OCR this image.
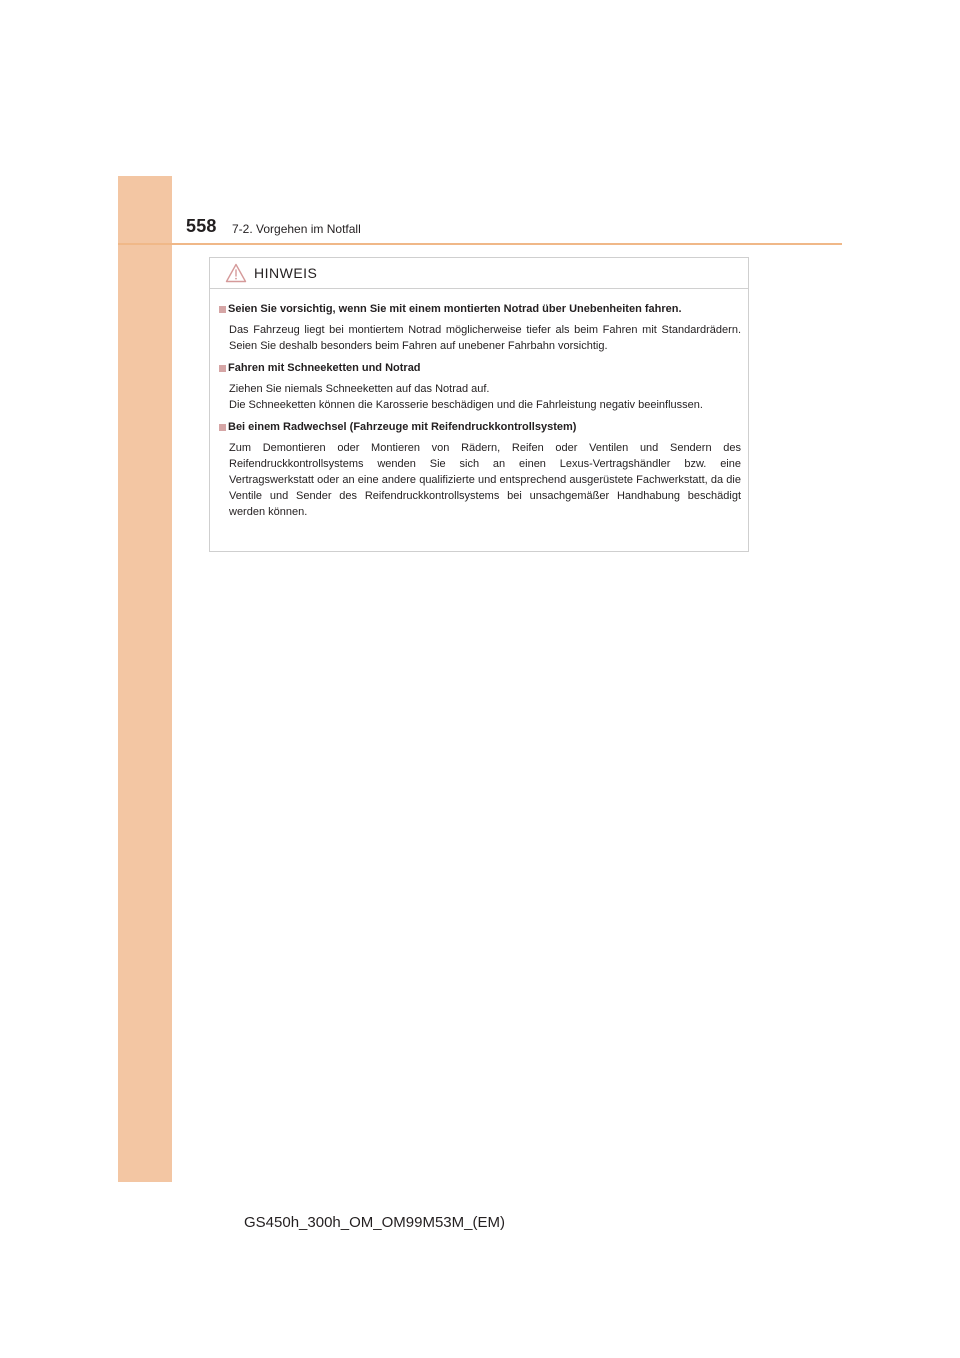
558 7-2. Vorgehen im Notfall
HINWEIS
Seien Sie vorsichtig, wenn Sie mit einem montierten Notrad über Unebenheiten fahren.

Das Fahrzeug liegt bei montiertem Notrad möglicherweise tiefer als beim Fahren mit Standardrädern. Seien Sie deshalb besonders beim Fahren auf unebener Fahrbahn vorsichtig.

Fahren mit Schneeketten und Notrad

Ziehen Sie niemals Schneeketten auf das Notrad auf.

Die Schneeketten können die Karosserie beschädigen und die Fahrleistung negativ beeinflussen.

Bei einem Radwechsel (Fahrzeuge mit Reifendruckkontrollsystem)

Zum Demontieren oder Montieren von Rädern, Reifen oder Ventilen und Sendern des Reifendruckkontrollsystems wenden Sie sich an einen Lexus-Vertragshändler bzw. eine Vertragswerkstatt oder an eine andere qualifizierte und entsprechend ausgerüstete Fachwerkstatt, da die Ventile und Sender des Reifendruckkontrollsystems bei unsachgemäßer Handhabung beschädigt werden können.

GS450h_300h_OM_OM99M53M_(EM)
